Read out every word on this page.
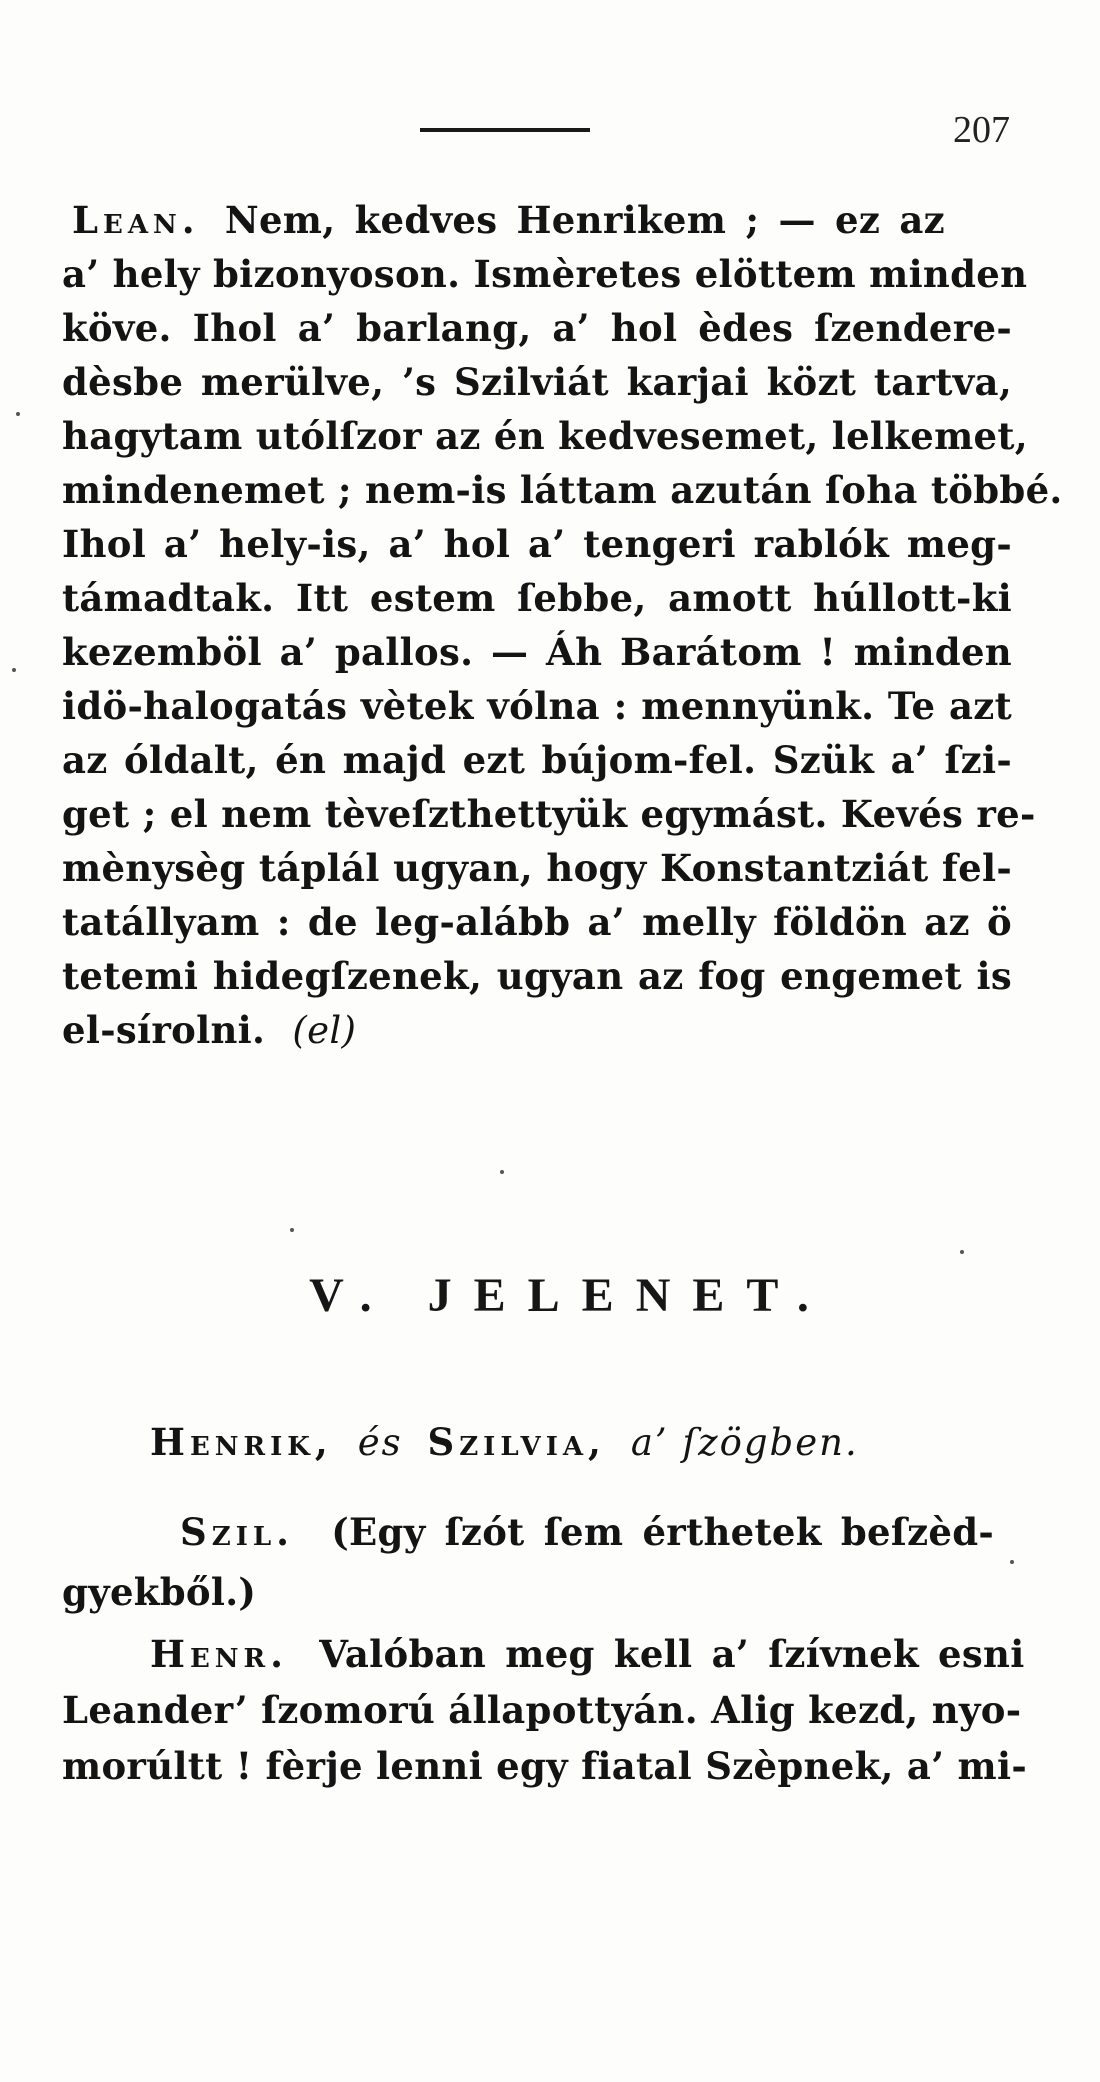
207
Lean. Nem, kedves Henrikem ; — ez az
a’ hely bizonyoson. Ismèretes elöttem minden
köve. Ihol a’ barlang, a’ hol èdes ſzendere-
dèsbe merülve, ’s Szilviát karjai közt tartva,
hagytam utólſzor az én kedvesemet, lelkemet,
mindenemet ; nem-is láttam azután ſoha többé.
Ihol a’ hely-is, a’ hol a’ tengeri rablók meg-
támadtak. Itt estem ſebbe, amott húllott-ki
kezemböl a’ pallos. — Áh Barátom ! minden
idö-halogatás vètek vólna : mennyünk. Te azt
az óldalt, én majd ezt bújom-fel. Szük a’ ſzi-
get ; el nem tèveſzthettyük egymást. Kevés re-
mènysèg táplál ugyan, hogy Konstantziát fel-
tatállyam : de leg-alább a’ melly földön az ö
tetemi hidegſzenek, ugyan az fog engemet is
el-sírolni. (el)
V. JELENET.
Henrik, és Szilvia, a’ ſzögben.
Szil. (Egy ſzót ſem érthetek beſzèd-
gyekből.)
Henr. Valóban meg kell a’ ſzívnek esni
Leander’ ſzomorú állapottyán. Alig kezd, nyo-
morúltt ! fèrje lenni egy fiatal Szèpnek, a’ mi-
